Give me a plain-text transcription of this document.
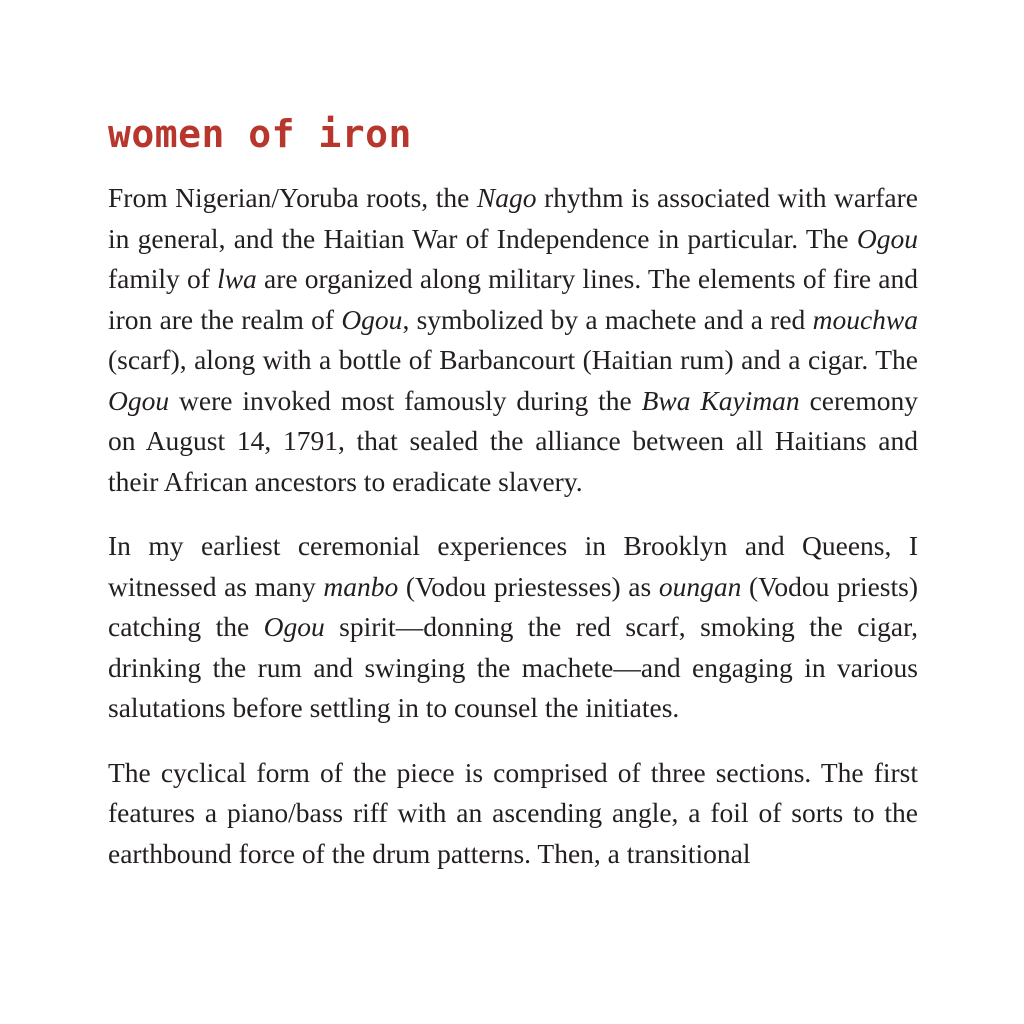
women of iron

From Nigerian/Yoruba roots, the Nago rhythm is associated with warfare in general, and the Haitian War of Independence in particular. The Ogou family of lwa are organized along military lines. The elements of fire and iron are the realm of Ogou, symbolized by a machete and a red mouchwa (scarf), along with a bottle of Barbancourt (Haitian rum) and a cigar. The Ogou were invoked most famously during the Bwa Kayiman ceremony on August 14, 1791, that sealed the alliance between all Haitians and their African ancestors to eradicate slavery.

In my earliest ceremonial experiences in Brooklyn and Queens, I witnessed as many manbo (Vodou priestesses) as oungan (Vodou priests) catching the Ogou spirit—donning the red scarf, smoking the cigar, drinking the rum and swinging the machete—and engaging in various salutations before settling in to counsel the initiates.

The cyclical form of the piece is comprised of three sections. The first features a piano/bass riff with an ascending angle, a foil of sorts to the earthbound force of the drum patterns. Then, a transitional
